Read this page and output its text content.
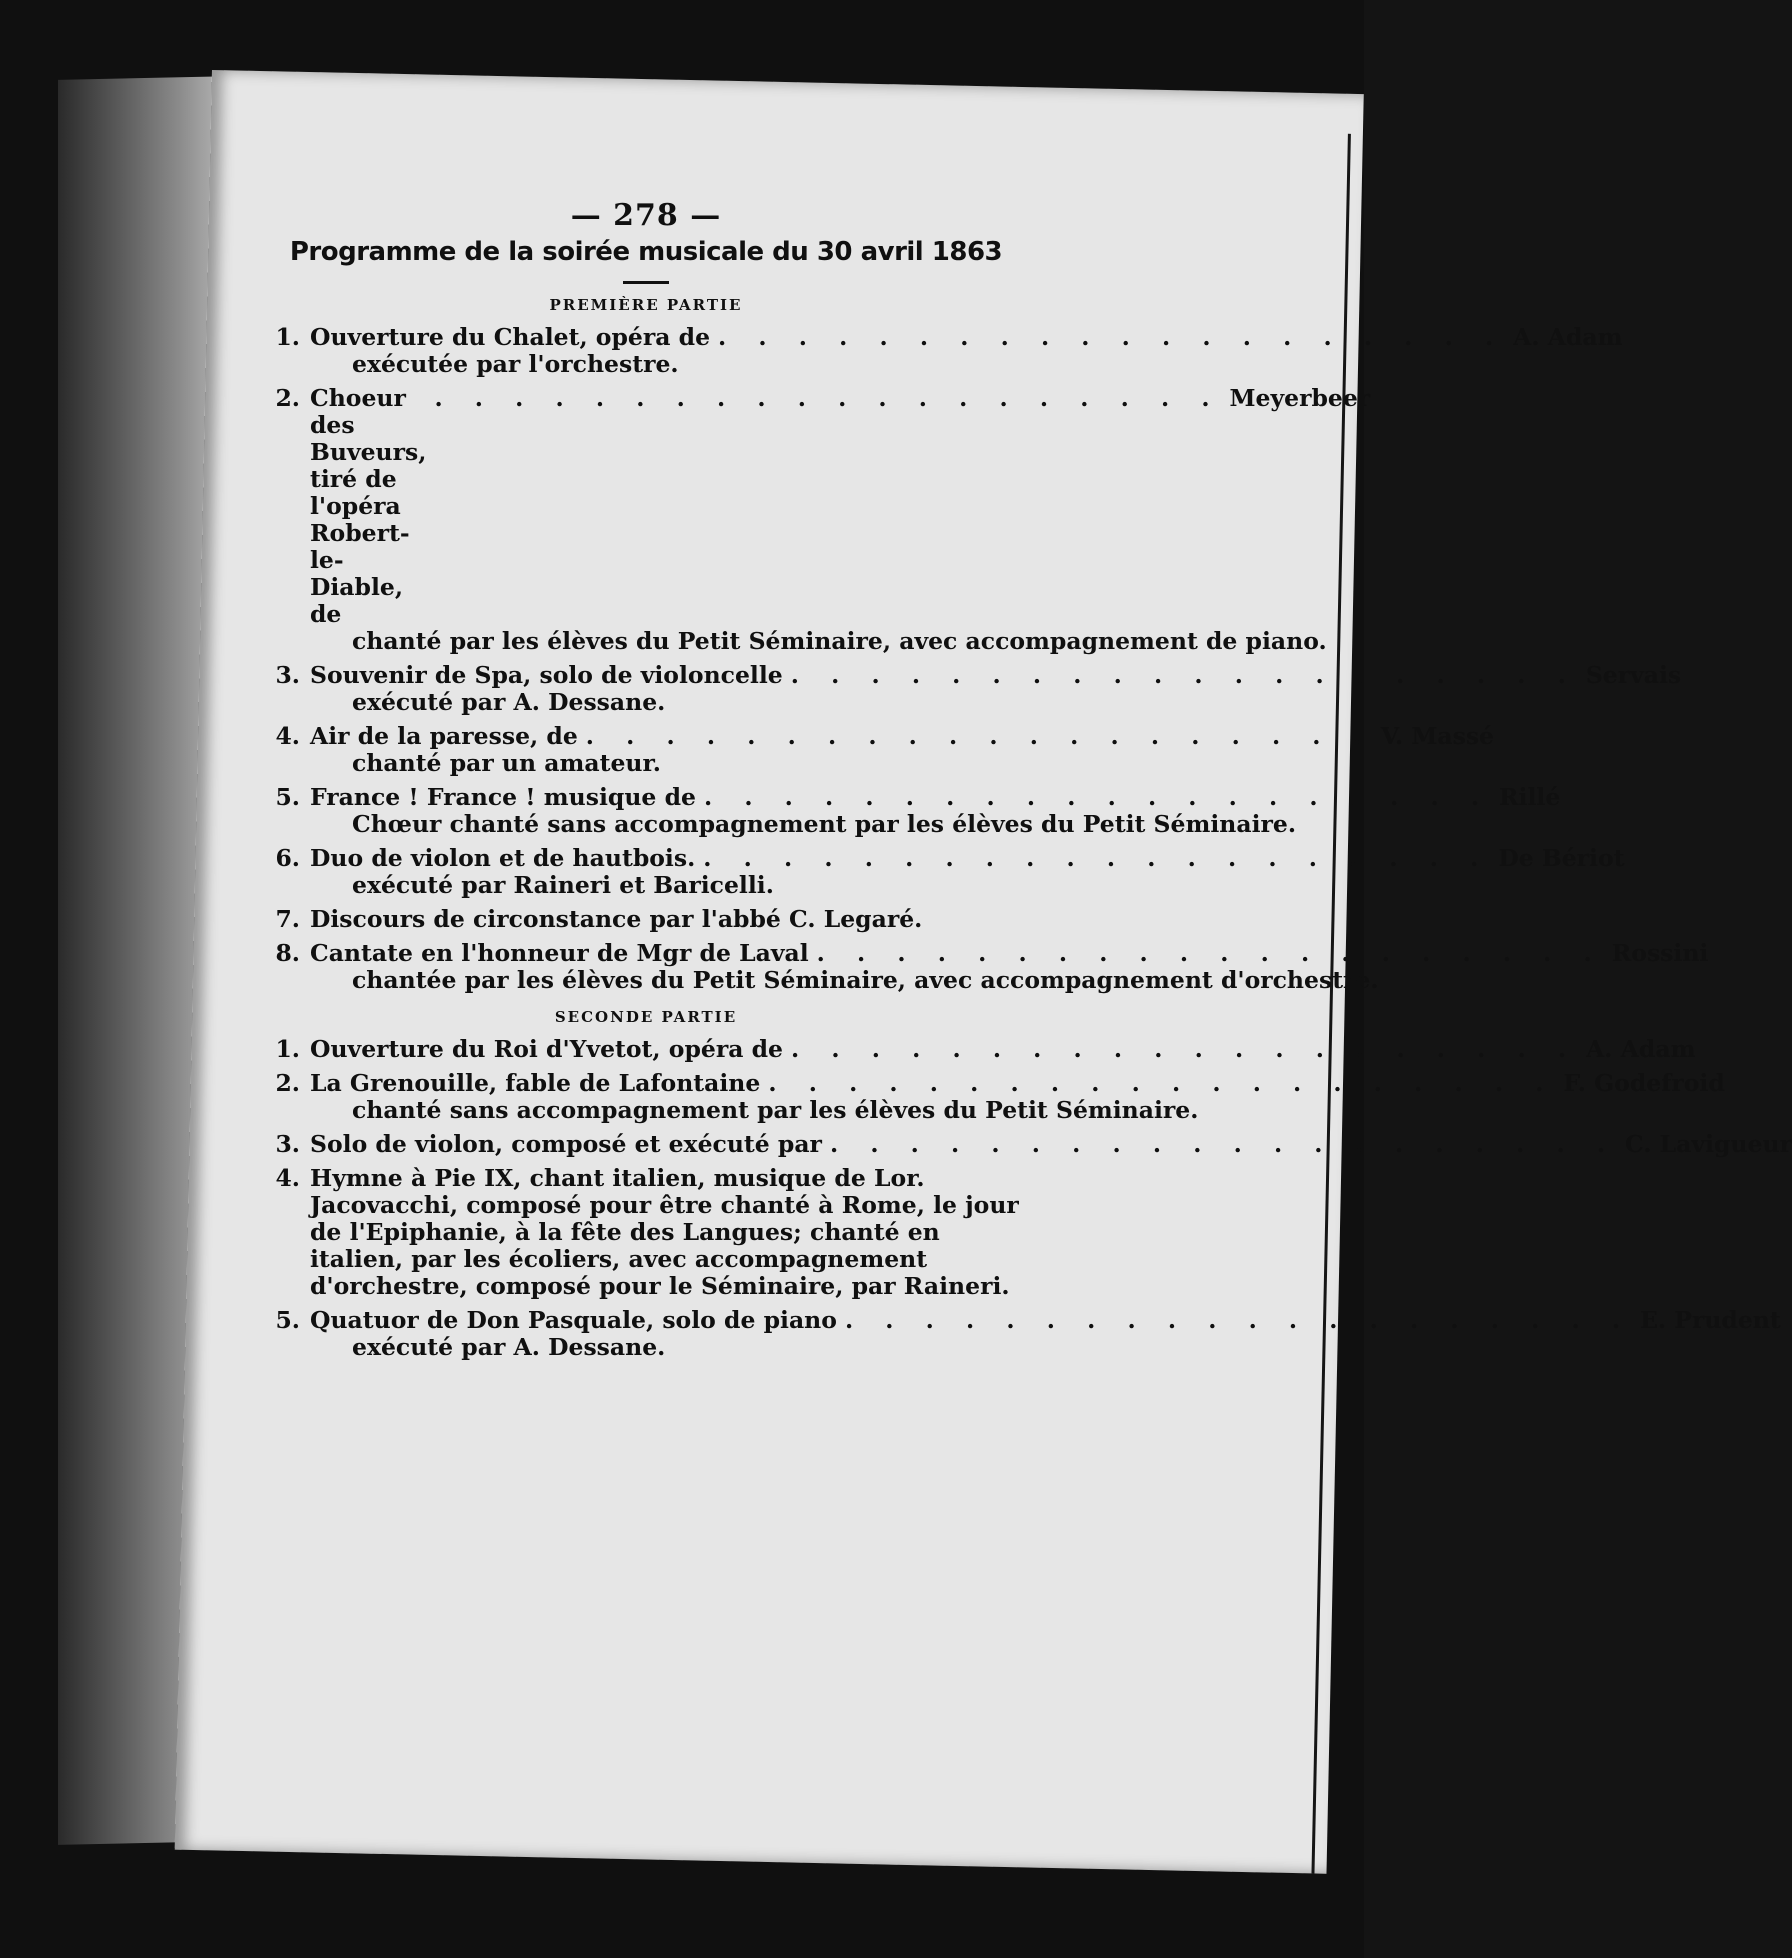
— 278 —

Programme de la soirée musicale du 30 avril 1863

PREMIÈRE PARTIE
1. Ouverture du Chalet, opéra de . . . . . . . . . . . . . . . . . . . . A. Adam
exécutée par l'orchestre.
2. Choeur des Buveurs, tiré de l'opéra Robert-le-Diable, de
. . . . . . . . . . . . . . . . . . . . Meyerbeer
chanté par les élèves du Petit Séminaire, avec accompagnement de piano.
3. Souvenir de Spa, solo de violoncelle . . . . . . . . . . . . . . . . . . . . Servais
exécuté par A. Dessane.
4. Air de la paresse, de . . . . . . . . . . . . . . . . . . . . V. Massé
chanté par un amateur.
5. France ! France ! musique de . . . . . . . . . . . . . . . . . . . . Rillé
Chœur chanté sans accompagnement par les élèves du Petit Séminaire.
6. Duo de violon et de hautbois. . . . . . . . . . . . . . . . . . . . . De Bériot
exécuté par Raineri et Baricelli.
7. Discours de circonstance par l'abbé C. Legaré.
8. Cantate en l'honneur de Mgr de Laval . . . . . . . . . . . . . . . . . . . . Rossini
chantée par les élèves du Petit Séminaire, avec accompagnement d'orchestre.
SECONDE PARTIE
1. Ouverture du Roi d'Yvetot, opéra de . . . . . . . . . . . . . . . . . . . . A. Adam
2. La Grenouille, fable de Lafontaine . . . . . . . . . . . . . . . . . . . . F. Godefroid
chanté sans accompagnement par les élèves du Petit Séminaire.
3. Solo de violon, composé et exécuté par . . . . . . . . . . . . . . . . . . . . C. Lavigueur
4. Hymne à Pie IX, chant italien, musique de Lor. Jacovacchi, composé pour être chanté à Rome, le jour de l'Epiphanie, à la fête des Langues; chanté en italien, par les écoliers, avec accompagnement d'orchestre, composé pour le Séminaire, par Raineri.
5. Quatuor de Don Pasquale, solo de piano . . . . . . . . . . . . . . . . . . . . E. Prudent
exécuté par A. Dessane.
